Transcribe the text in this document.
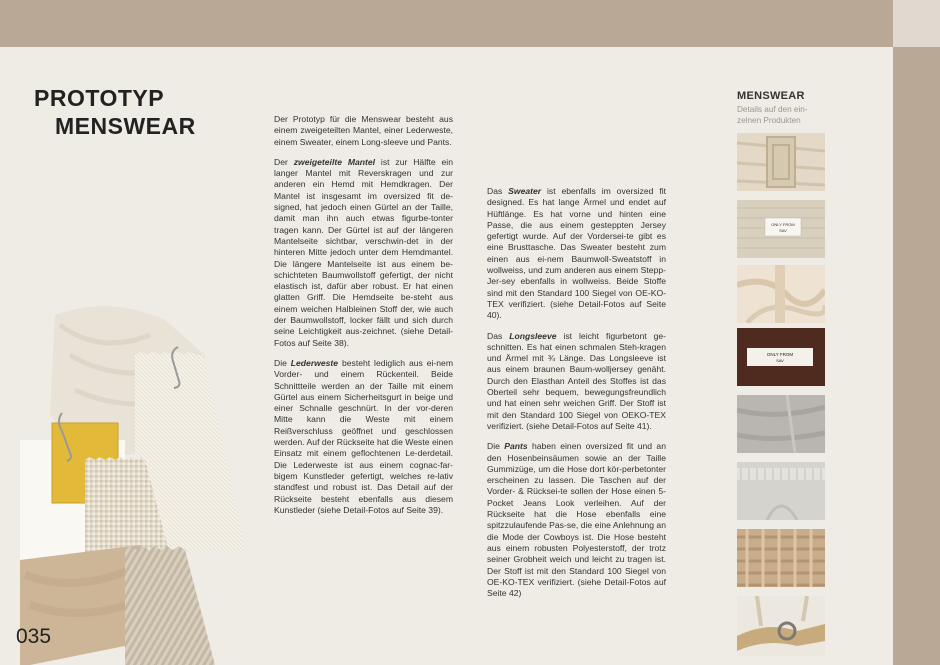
PROTOTYP
MENSWEAR	Der Prototyp für die Menswear besteht aus einem zweigeteilten Mantel, einer Lederweste, einem Sweater, einem Long-sleeve und Pants.

Der zweigeteilte Mantel ist zur Hälfte ein langer Mantel mit Reverskragen und zur anderen ein Hemd mit Hemdkragen. Der Mantel ist insgesamt im oversized fit de-signed, hat jedoch einen Gürtel an der Taille, damit man ihn auch etwas figurbe-tonter tragen kann. Der Gürtel ist auf der längeren Mantelseite sichtbar, verschwin-det in der hinteren Mitte jedoch unter dem Hemdmantel. Die längere Mantelseite ist aus einem be-schichteten Baumwollstoff gefertigt, der nicht elastisch ist, dafür aber robust. Er hat einen glatten Griff. Die Hemdseite be-steht aus einem weichen Halbleinen Stoff der, wie auch der Baumwollstoff, locker fällt und sich durch seine Leichtigkeit aus-zeichnet. (siehe Detail-Fotos auf Seite 38).

Die Lederweste besteht lediglich aus ei-nem Vorder- und einem Rückenteil. Beide Schnittteile werden an der Taille mit einem Gürtel aus einem Sicherheitsgurt in beige und einer Schnalle geschnürt. In der vor-deren Mitte kann die Weste mit einem Reißverschluss geöffnet und geschlossen werden. Auf der Rückseite hat die Weste einen Einsatz mit einem geflochtenen Le-derdetail. Die Lederweste ist aus einem cognac-far-bigem Kunstleder gefertigt, welches re-lativ standfest und robust ist. Das Detail auf der Rückseite besteht ebenfalls aus diesem Kunstleder (siehe Detail-Fotos auf Seite 39).

Das Sweater ist ebenfalls im oversized fit designed. Es hat lange Ärmel und endet auf Hüftlänge. Es hat vorne und hinten eine Passe, die aus einem gesteppten Jersey gefertigt wurde. Auf der Vordersei-te gibt es eine Brusttasche. Das Sweater besteht zum einen aus ei-nem Baumwoll-Sweatstoff in wollweiss, und zum anderen aus einem Stepp-Jer-sey ebenfalls in wollweiss. Beide Stoffe sind mit den Standard 100 Siegel von OE-KO-TEX verifiziert. (siehe Detail-Fotos auf Seite 40).

Das Longsleeve ist leicht figurbetont ge-schnitten. Es hat einen schmalen Steh-kragen und Ärmel mit ¾ Länge. Das Longsleeve ist aus einem braunen Baum-wolljersey genäht. Durch den Elasthan Anteil des Stoffes ist das Oberteil sehr bequem, bewegungsfreundlich und hat einen sehr weichen Griff. Der Stoff ist mit den Standard 100 Siegel von OEKO-TEX verifiziert. (siehe Detail-Fotos auf Seite 41).

Die Pants haben einen oversized fit und an den Hosenbeinsäumen sowie an der Taille Gummizüge, um die Hose dort kör-perbetonter erscheinen zu lassen. Die Taschen auf der Vorder- & Rücksei-te sollen der Hose einen 5-Pocket Jeans Look verleihen. Auf der Rückseite hat die Hose ebenfalls eine spitzzulaufende Pas-se, die eine Anlehnung an die Mode der Cowboys ist. Die Hose besteht aus einem robusten Polyesterstoff, der trotz seiner Grobheit weich und leicht zu tragen ist. Der Stoff ist mit den Standard 100 Siegel von OE-KO-TEX verifiziert. (siehe Detail-Fotos auf Seite 42)

MENSWEAR
Details auf den ein-zelnen Produkten
ONLY FROM
SAV
ONLY FROM
SAV
035
